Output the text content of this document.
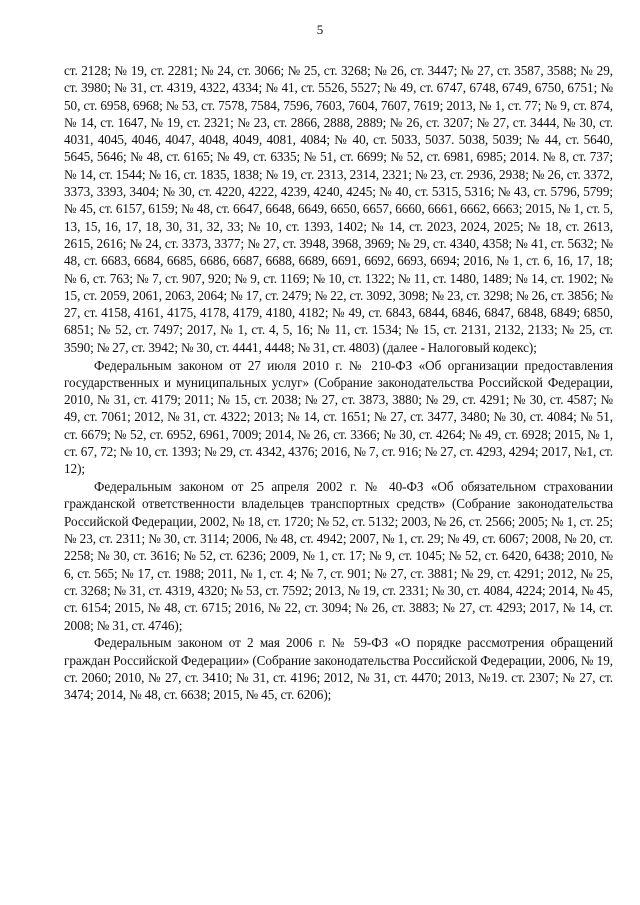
5

ст. 2128; № 19, ст. 2281; № 24, ст. 3066; № 25, ст. 3268; № 26, ст. 3447; № 27, ст. 3587, 3588; № 29, ст. 3980; № 31, ст. 4319, 4322, 4334; № 41, ст. 5526, 5527; № 49, ст. 6747, 6748, 6749, 6750, 6751; № 50, ст. 6958, 6968; № 53, ст. 7578, 7584, 7596, 7603, 7604, 7607, 7619; 2013, № 1, ст. 77; № 9, ст. 874, № 14, ст. 1647, № 19, ст. 2321; № 23, ст. 2866, 2888, 2889; № 26, ст. 3207; № 27, ст. 3444, № 30, ст. 4031, 4045, 4046, 4047, 4048, 4049, 4081, 4084; № 40, ст. 5033, 5037. 5038, 5039; № 44, ст. 5640, 5645, 5646; № 48, ст. 6165; № 49, ст. 6335; № 51, ст. 6699; № 52, ст. 6981, 6985; 2014. № 8, ст. 737; № 14, ст. 1544; № 16, ст. 1835, 1838; № 19, ст. 2313, 2314, 2321; № 23, ст. 2936, 2938; № 26, ст. 3372, 3373, 3393, 3404; № 30, ст. 4220, 4222, 4239, 4240, 4245; № 40, ст. 5315, 5316; № 43, ст. 5796, 5799; № 45, ст. 6157, 6159; № 48, ст. 6647, 6648, 6649, 6650, 6657, 6660, 6661, 6662, 6663; 2015, № 1, ст. 5, 13, 15, 16, 17, 18, 30, 31, 32, 33; № 10, ст. 1393, 1402; № 14, ст. 2023, 2024, 2025; № 18, ст. 2613, 2615, 2616; № 24, ст. 3373, 3377; № 27, ст. 3948, 3968, 3969; № 29, ст. 4340, 4358; № 41, ст. 5632; № 48, ст. 6683, 6684, 6685, 6686, 6687, 6688, 6689, 6691, 6692, 6693, 6694; 2016, № 1, ст. 6, 16, 17, 18; № 6, ст. 763; № 7, ст. 907, 920; № 9, ст. 1169; № 10, ст. 1322; № 11, ст. 1480, 1489; № 14, ст. 1902; № 15, ст. 2059, 2061, 2063, 2064; № 17, ст. 2479; № 22, ст. 3092, 3098; № 23, ст. 3298; № 26, ст. 3856; № 27, ст. 4158, 4161, 4175, 4178, 4179, 4180, 4182; № 49, ст. 6843, 6844, 6846, 6847, 6848, 6849; 6850, 6851; № 52, ст. 7497; 2017, № 1, ст. 4, 5, 16; № 11, ст. 1534; № 15, ст. 2131, 2132, 2133; № 25, ст. 3590; № 27, ст. 3942; № 30, ст. 4441, 4448; № 31, ст. 4803) (далее - Налоговый кодекс);

Федеральным законом от 27 июля 2010 г. № 210-ФЗ «Об организации предоставления государственных и муниципальных услуг» (Собрание законодательства Российской Федерации, 2010, № 31, ст. 4179; 2011; № 15, ст. 2038; № 27, ст. 3873, 3880; № 29, ст. 4291; № 30, ст. 4587; № 49, ст. 7061; 2012, № 31, ст. 4322; 2013; № 14, ст. 1651; № 27, ст. 3477, 3480; № 30, ст. 4084; № 51, ст. 6679; № 52, ст. 6952, 6961, 7009; 2014, № 26, ст. 3366; № 30, ст. 4264; № 49, ст. 6928; 2015, № 1, ст. 67, 72; № 10, ст. 1393; № 29, ст. 4342, 4376; 2016, № 7, ст. 916; № 27, ст. 4293, 4294; 2017, №1, ст. 12);

Федеральным законом от 25 апреля 2002 г. № 40-ФЗ «Об обязательном страховании гражданской ответственности владельцев транспортных средств» (Собрание законодательства Российской Федерации, 2002, № 18, ст. 1720; № 52, ст. 5132; 2003, № 26, ст. 2566; 2005; № 1, ст. 25; № 23, ст. 2311; № 30, ст. 3114; 2006, № 48, ст. 4942; 2007, № 1, ст. 29; № 49, ст. 6067; 2008, № 20, ст. 2258; № 30, ст. 3616; № 52, ст. 6236; 2009, № 1, ст. 17; № 9, ст. 1045; № 52, ст. 6420, 6438; 2010, № 6, ст. 565; № 17, ст. 1988; 2011, № 1, ст. 4; № 7, ст. 901; № 27, ст. 3881; № 29, ст. 4291; 2012, № 25, ст. 3268; № 31, ст. 4319, 4320; № 53, ст. 7592; 2013, № 19, ст. 2331; № 30, ст. 4084, 4224; 2014, № 45, ст. 6154; 2015, № 48, ст. 6715; 2016, № 22, ст. 3094; № 26, ст. 3883; № 27, ст. 4293; 2017, № 14, ст. 2008; № 31, ст. 4746);

Федеральным законом от 2 мая 2006 г. № 59-ФЗ «О порядке рассмотрения обращений граждан Российской Федерации» (Собрание законодательства Российской Федерации, 2006, № 19, ст. 2060; 2010, № 27, ст. 3410; № 31, ст. 4196; 2012, № 31, ст. 4470; 2013, №19. ст. 2307; № 27, ст. 3474; 2014, № 48, ст. 6638; 2015, № 45, ст. 6206);
